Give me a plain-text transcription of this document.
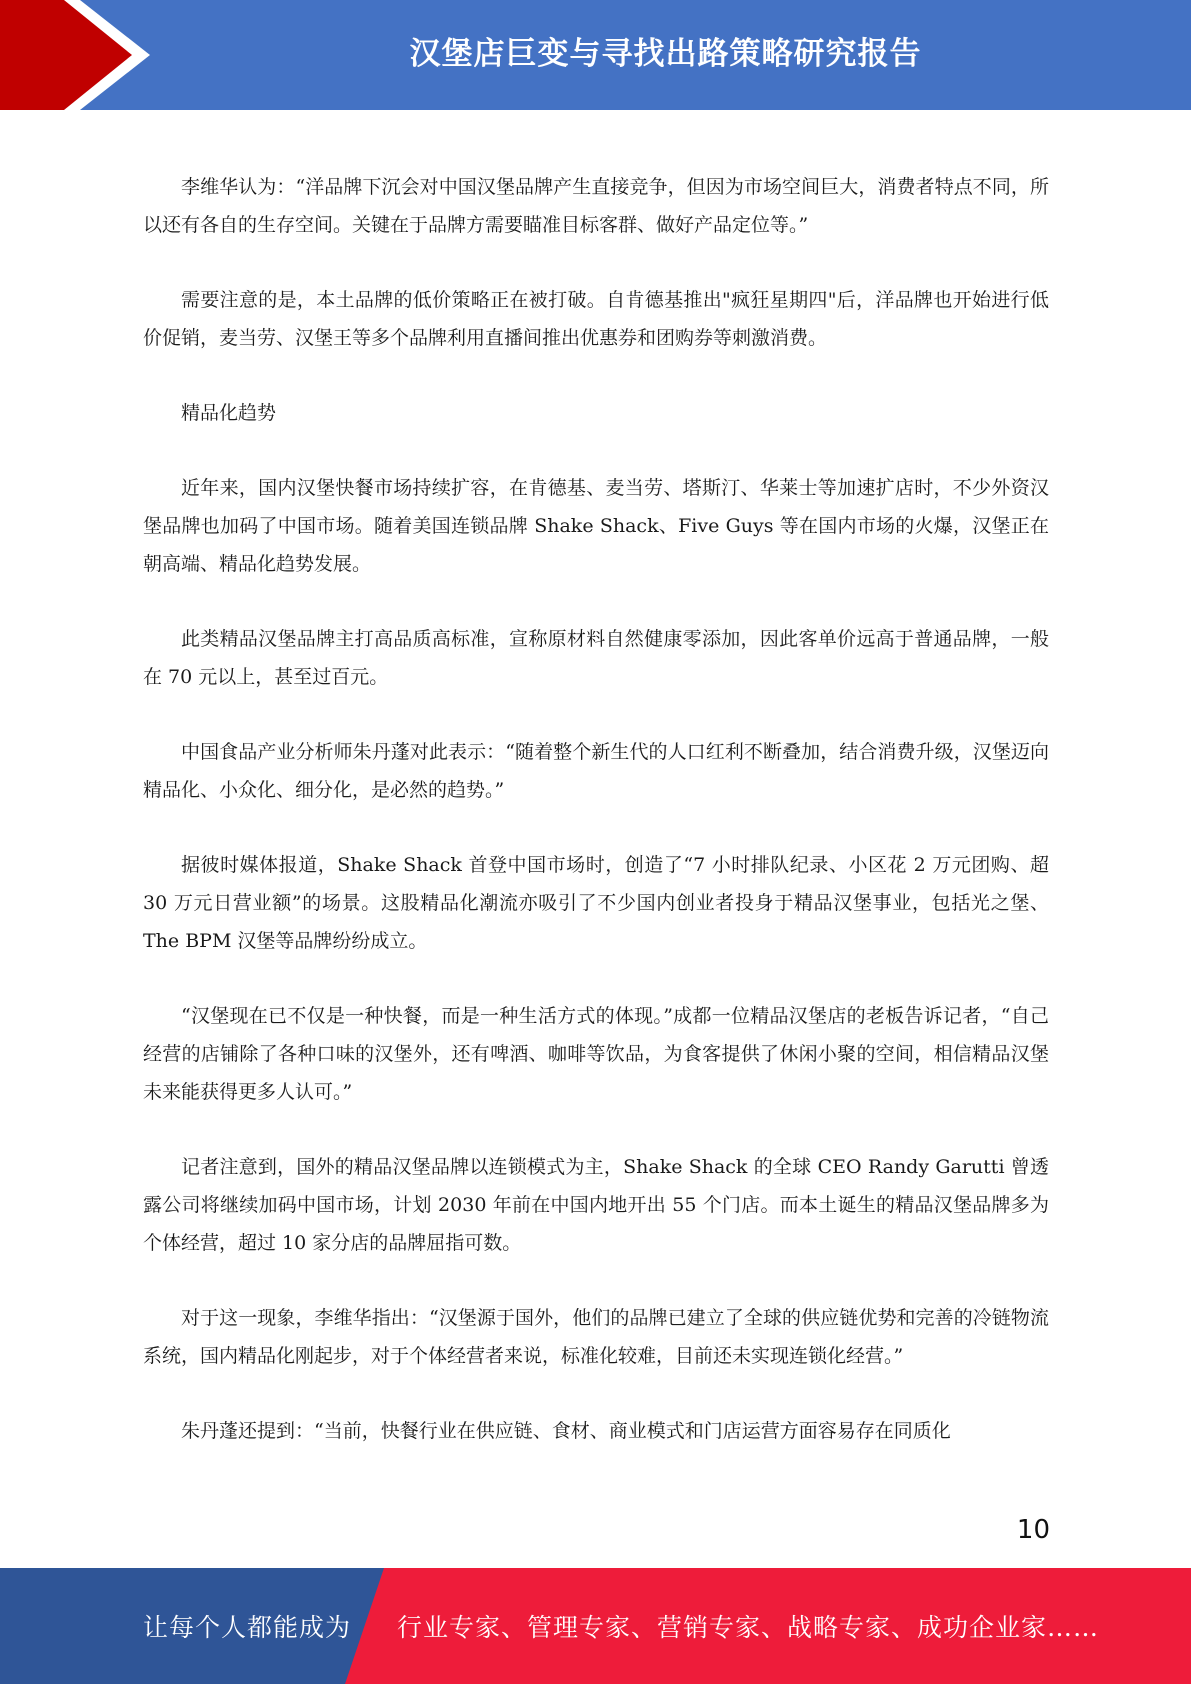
汉堡店巨变与寻找出路策略研究报告

李维华认为：“洋品牌下沉会对中国汉堡品牌产生直接竞争，但因为市场空间巨大，消费者特点不同，所以还有各自的生存空间。关键在于品牌方需要瞄准目标客群、做好产品定位等。”

需要注意的是，本土品牌的低价策略正在被打破。自肯德基推出"疯狂星期四"后，洋品牌也开始进行低价促销，麦当劳、汉堡王等多个品牌利用直播间推出优惠券和团购券等刺激消费。

精品化趋势

近年来，国内汉堡快餐市场持续扩容，在肯德基、麦当劳、塔斯汀、华莱士等加速扩店时，不少外资汉堡品牌也加码了中国市场。随着美国连锁品牌 Shake Shack、Five Guys 等在国内市场的火爆，汉堡正在朝高端、精品化趋势发展。

此类精品汉堡品牌主打高品质高标准，宣称原材料自然健康零添加，因此客单价远高于普通品牌，一般在 70 元以上，甚至过百元。

中国食品产业分析师朱丹蓬对此表示：“随着整个新生代的人口红利不断叠加，结合消费升级，汉堡迈向精品化、小众化、细分化，是必然的趋势。”

据彼时媒体报道，Shake Shack 首登中国市场时，创造了“7 小时排队纪录、小区花 2 万元团购、超 30 万元日营业额”的场景。这股精品化潮流亦吸引了不少国内创业者投身于精品汉堡事业，包括光之堡、The BPM 汉堡等品牌纷纷成立。

“汉堡现在已不仅是一种快餐，而是一种生活方式的体现。”成都一位精品汉堡店的老板告诉记者，“自己经营的店铺除了各种口味的汉堡外，还有啤酒、咖啡等饮品，为食客提供了休闲小聚的空间，相信精品汉堡未来能获得更多人认可。”

记者注意到，国外的精品汉堡品牌以连锁模式为主，Shake Shack 的全球 CEO Randy Garutti 曾透露公司将继续加码中国市场，计划 2030 年前在中国内地开出 55 个门店。而本土诞生的精品汉堡品牌多为个体经营，超过 10 家分店的品牌屈指可数。

对于这一现象，李维华指出：“汉堡源于国外，他们的品牌已建立了全球的供应链优势和完善的冷链物流系统，国内精品化刚起步，对于个体经营者来说，标准化较难，目前还未实现连锁化经营。”

朱丹蓬还提到：“当前，快餐行业在供应链、食材、商业模式和门店运营方面容易存在同质化

10
让每个人都能成为 行业专家、管理专家、营销专家、战略专家、成功企业家……
